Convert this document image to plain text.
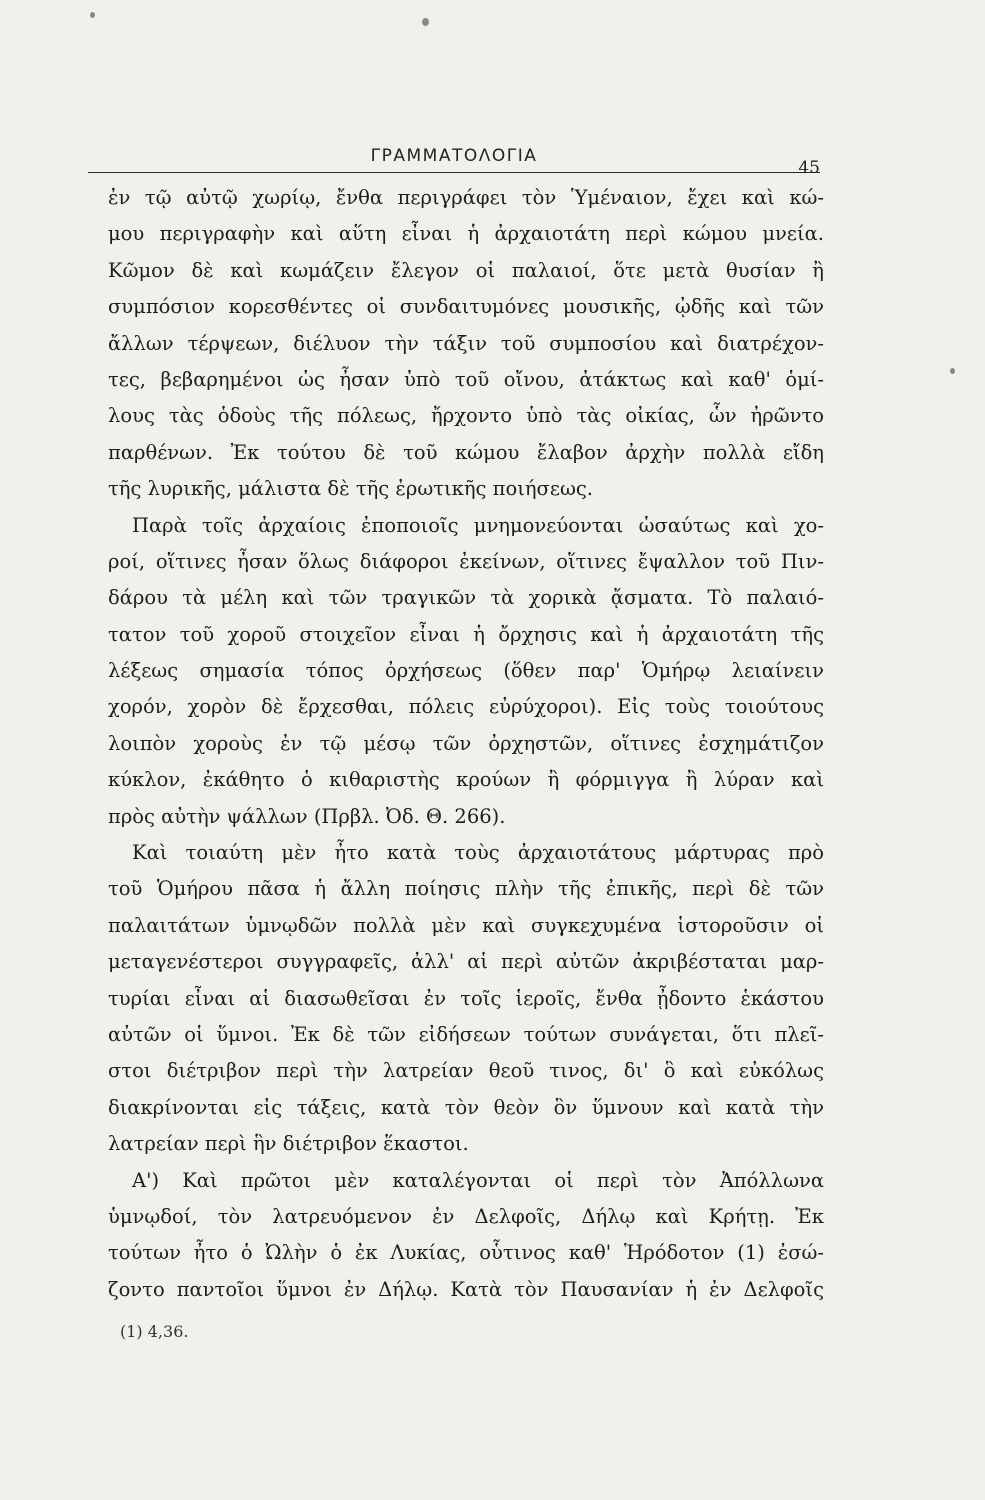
ΓΡΑΜΜΑΤΟΛΟΓΙΑ
45
ἐν τῷ αὐτῷ χωρίῳ, ἔνθα περιγράφει τὸν Ὑμέναιον, ἔχει καὶ κώ-
μου περιγραφὴν καὶ αὕτη εἶναι ἡ ἀρχαιοτάτη περὶ κώμου μνεία.
Κῶμον δὲ καὶ κωμάζειν ἔλεγον οἱ παλαιοί, ὅτε μετὰ θυσίαν ἢ
συμπόσιον κορεσθέντες οἱ συνδαιτυμόνες μουσικῆς, ᾠδῆς καὶ τῶν
ἄλλων τέρψεων, διέλυον τὴν τάξιν τοῦ συμποσίου καὶ διατρέχον-
τες, βεβαρημένοι ὡς ἦσαν ὑπὸ τοῦ οἴνου, ἀτάκτως καὶ καθ' ὁμί-
λους τὰς ὁδοὺς τῆς πόλεως, ἤρχοντο ὑπὸ τὰς οἰκίας, ὧν ἠρῶντο
παρθένων. Ἐκ τούτου δὲ τοῦ κώμου ἔλαβον ἀρχὴν πολλὰ εἴδη
τῆς λυρικῆς, μάλιστα δὲ τῆς ἐρωτικῆς ποιήσεως.
Παρὰ τοῖς ἀρχαίοις ἐποποιοῖς μνημονεύονται ὡσαύτως καὶ χο-
ροί, οἵτινες ἦσαν ὅλως διάφοροι ἐκείνων, οἵτινες ἔψαλλον τοῦ Πιν-
δάρου τὰ μέλη καὶ τῶν τραγικῶν τὰ χορικὰ ᾄσματα. Τὸ παλαιό-
τατον τοῦ χοροῦ στοιχεῖον εἶναι ἡ ὄρχησις καὶ ἡ ἀρχαιοτάτη τῆς
λέξεως σημασία τόπος ὀρχήσεως (ὅθεν παρ' Ὁμήρῳ λειαίνειν
χορόν, χορὸν δὲ ἔρχεσθαι, πόλεις εὐρύχοροι). Εἰς τοὺς τοιούτους
λοιπὸν χοροὺς ἐν τῷ μέσῳ τῶν ὀρχηστῶν, οἵτινες ἐσχημάτιζον
κύκλον, ἐκάθητο ὁ κιθαριστὴς κρούων ἢ φόρμιγγα ἢ λύραν καὶ
πρὸς αὐτὴν ψάλλων (Πρβλ. Ὀδ. Θ. 266).
Καὶ τοιαύτη μὲν ἦτο κατὰ τοὺς ἀρχαιοτάτους μάρτυρας πρὸ
τοῦ Ὁμήρου πᾶσα ἡ ἄλλη ποίησις πλὴν τῆς ἐπικῆς, περὶ δὲ τῶν
παλαιτάτων ὑμνῳδῶν πολλὰ μὲν καὶ συγκεχυμένα ἱστοροῦσιν οἱ
μεταγενέστεροι συγγραφεῖς, ἀλλ' αἱ περὶ αὐτῶν ἀκριβέσταται μαρ-
τυρίαι εἶναι αἱ διασωθεῖσαι ἐν τοῖς ἱεροῖς, ἔνθα ᾖδοντο ἑκάστου
αὐτῶν οἱ ὕμνοι. Ἐκ δὲ τῶν εἰδήσεων τούτων συνάγεται, ὅτι πλεῖ-
στοι διέτριβον περὶ τὴν λατρείαν θεοῦ τινος, δι' ὃ καὶ εὐκόλως
διακρίνονται εἰς τάξεις, κατὰ τὸν θεὸν ὃν ὕμνουν καὶ κατὰ τὴν
λατρείαν περὶ ἣν διέτριβον ἕκαστοι.
Α') Καὶ πρῶτοι μὲν καταλέγονται οἱ περὶ τὸν Ἀπόλλωνα
ὑμνῳδοί, τὸν λατρευόμενον ἐν Δελφοῖς, Δήλῳ καὶ Κρήτῃ. Ἐκ
τούτων ἦτο ὁ Ὠλὴν ὁ ἐκ Λυκίας, οὗτινος καθ' Ἡρόδοτον (1) ἐσώ-
ζοντο παντοῖοι ὕμνοι ἐν Δήλῳ. Κατὰ τὸν Παυσανίαν ἡ ἐν Δελφοῖς
(1) 4,36.
